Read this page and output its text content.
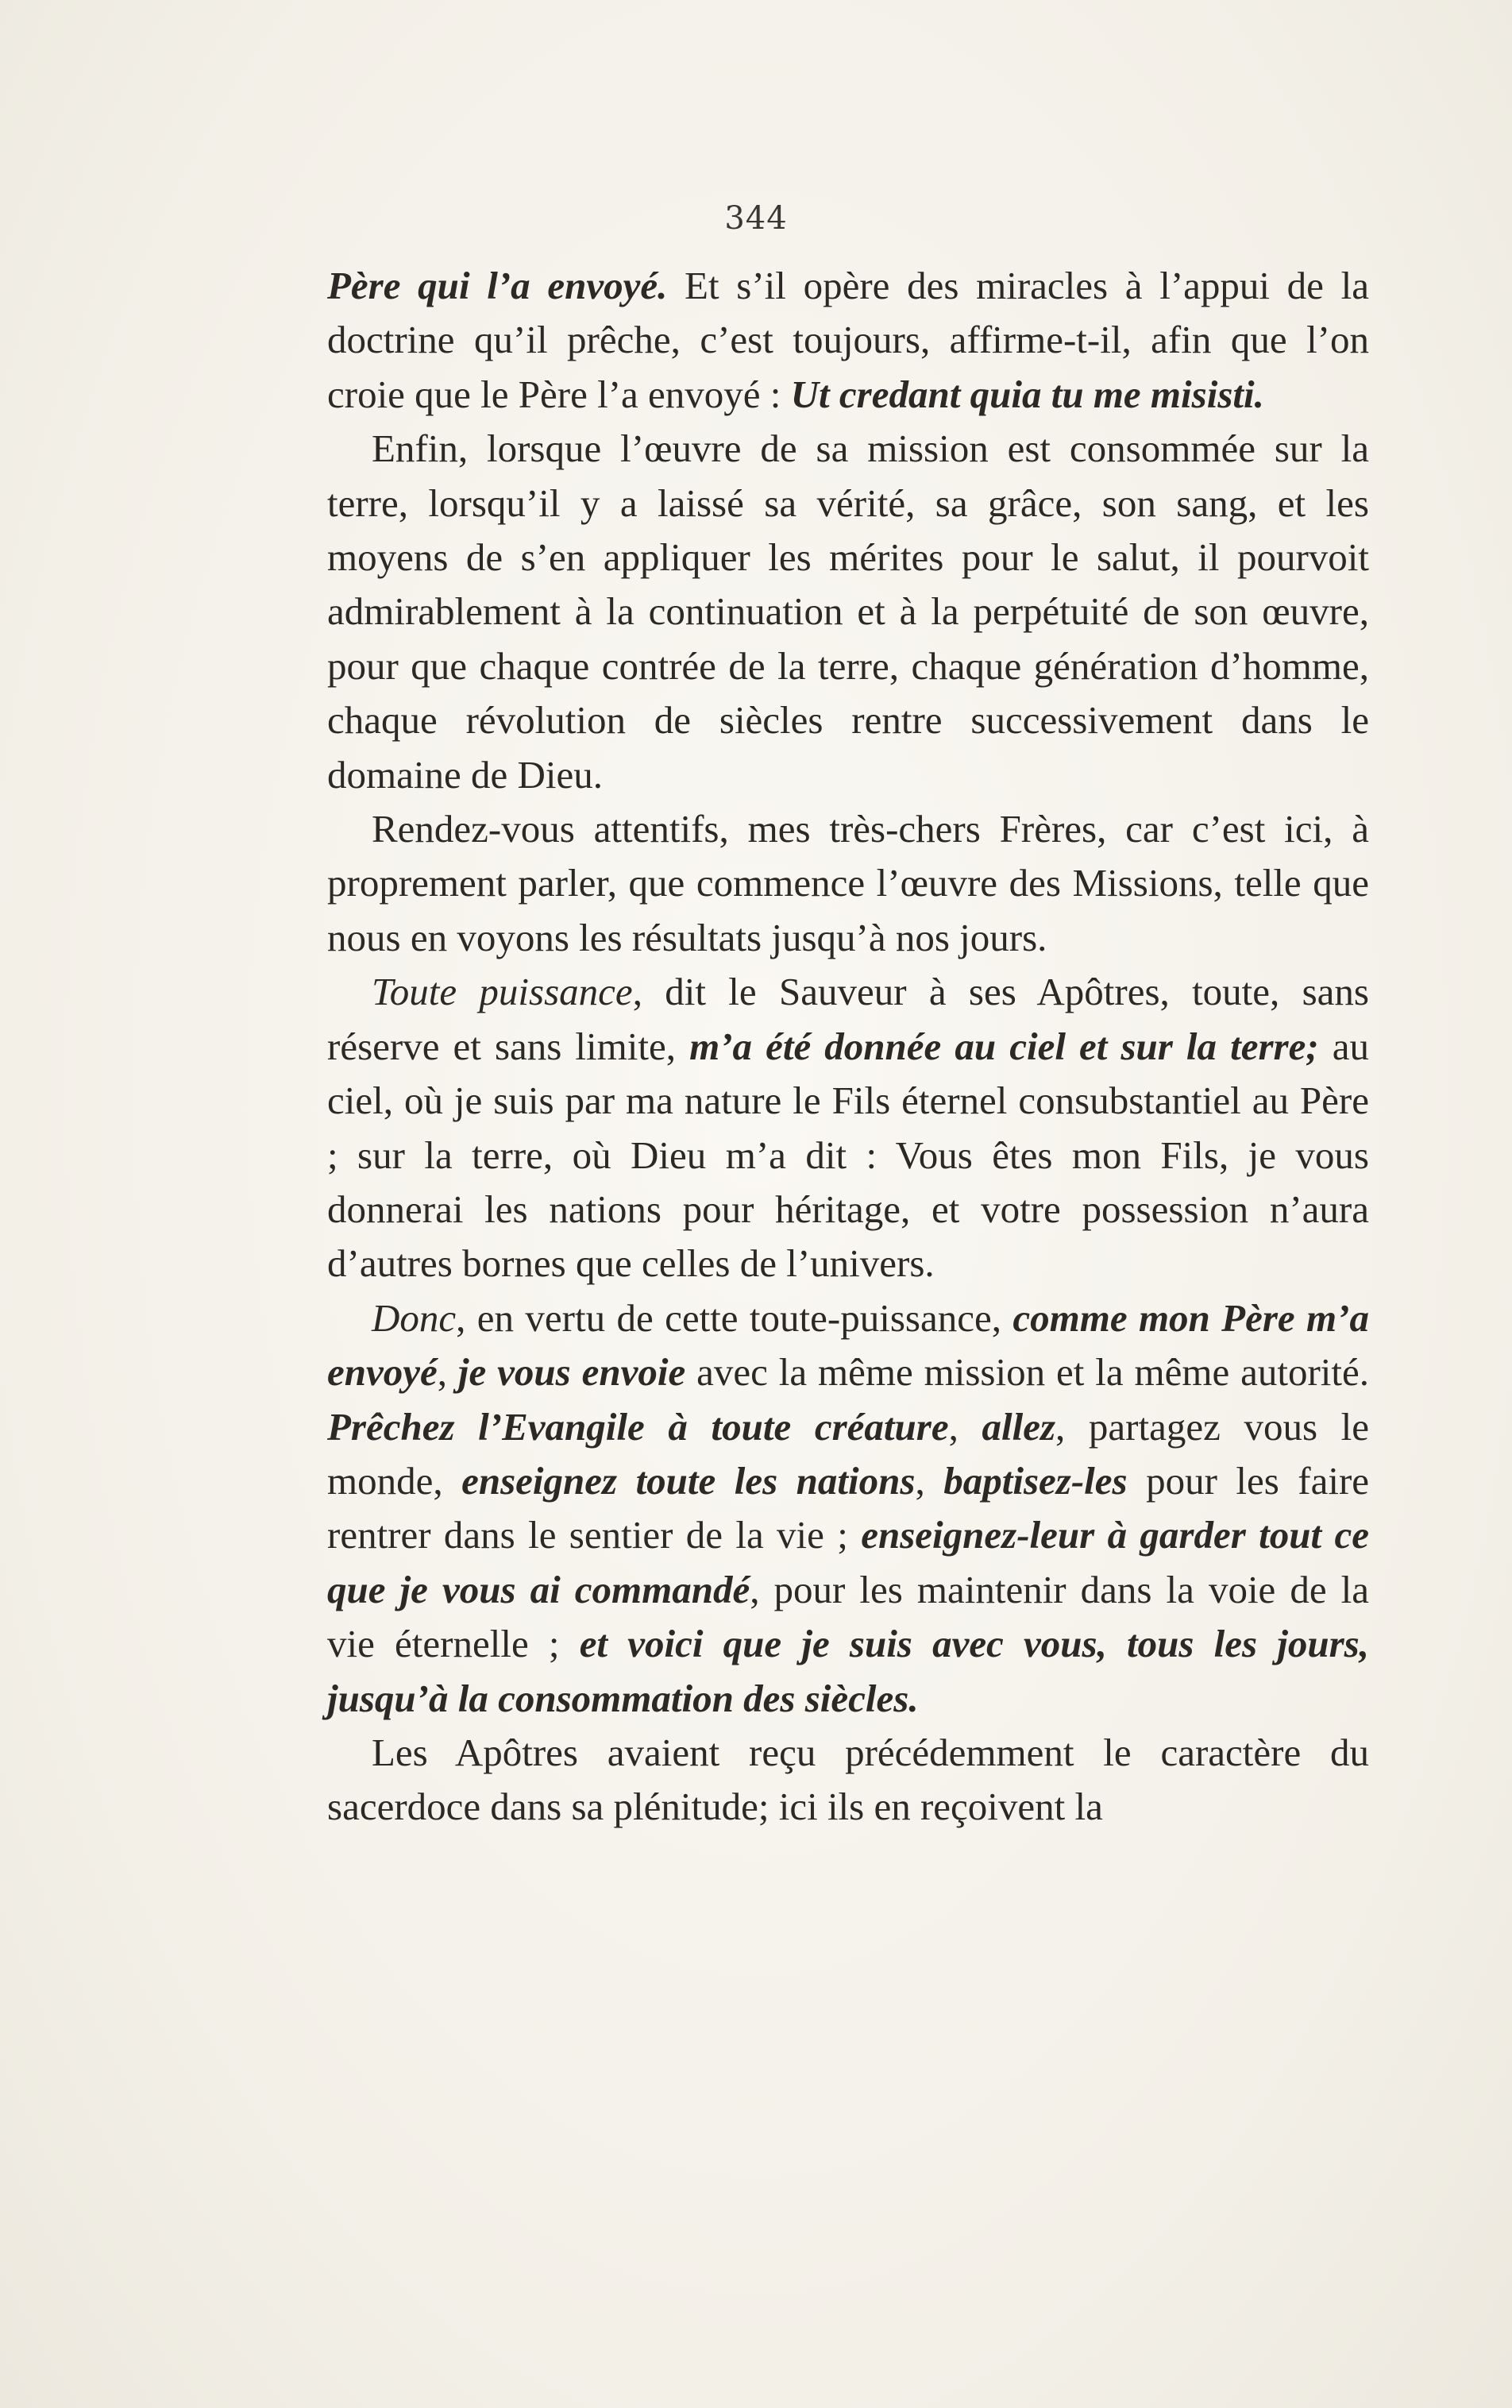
344

Père qui l’a envoyé. Et s’il opère des miracles à l’appui de la doctrine qu’il prêche, c’est toujours, affirme-t-il, afin que l’on croie que le Père l’a envoyé : Ut credant quia tu me misisti.

Enfin, lorsque l’œuvre de sa mission est consommée sur la terre, lorsqu’il y a laissé sa vérité, sa grâce, son sang, et les moyens de s’en appliquer les mérites pour le salut, il pourvoit admirablement à la continuation et à la perpétuité de son œuvre, pour que chaque contrée de la terre, chaque génération d’homme, chaque révolution de siècles rentre successivement dans le domaine de Dieu.

Rendez-vous attentifs, mes très-chers Frères, car c’est ici, à proprement parler, que commence l’œuvre des Missions, telle que nous en voyons les résultats jusqu’à nos jours.

Toute puissance, dit le Sauveur à ses Apôtres, toute, sans réserve et sans limite, m’a été donnée au ciel et sur la terre; au ciel, où je suis par ma nature le Fils éternel consubstantiel au Père ; sur la terre, où Dieu m’a dit : Vous êtes mon Fils, je vous donnerai les nations pour héritage, et votre possession n’aura d’autres bornes que celles de l’univers.

Donc, en vertu de cette toute-puissance, comme mon Père m’a envoyé, je vous envoie avec la même mission et la même autorité. Prêchez l’Evangile à toute créature, allez, partagez vous le monde, enseignez toute les nations, baptisez-les pour les faire rentrer dans le sentier de la vie ; enseignez-leur à garder tout ce que je vous ai commandé, pour les maintenir dans la voie de la vie éternelle ; et voici que je suis avec vous, tous les jours, jusqu’à la consommation des siècles.

Les Apôtres avaient reçu précédemment le caractère du sacerdoce dans sa plénitude; ici ils en reçoivent la
